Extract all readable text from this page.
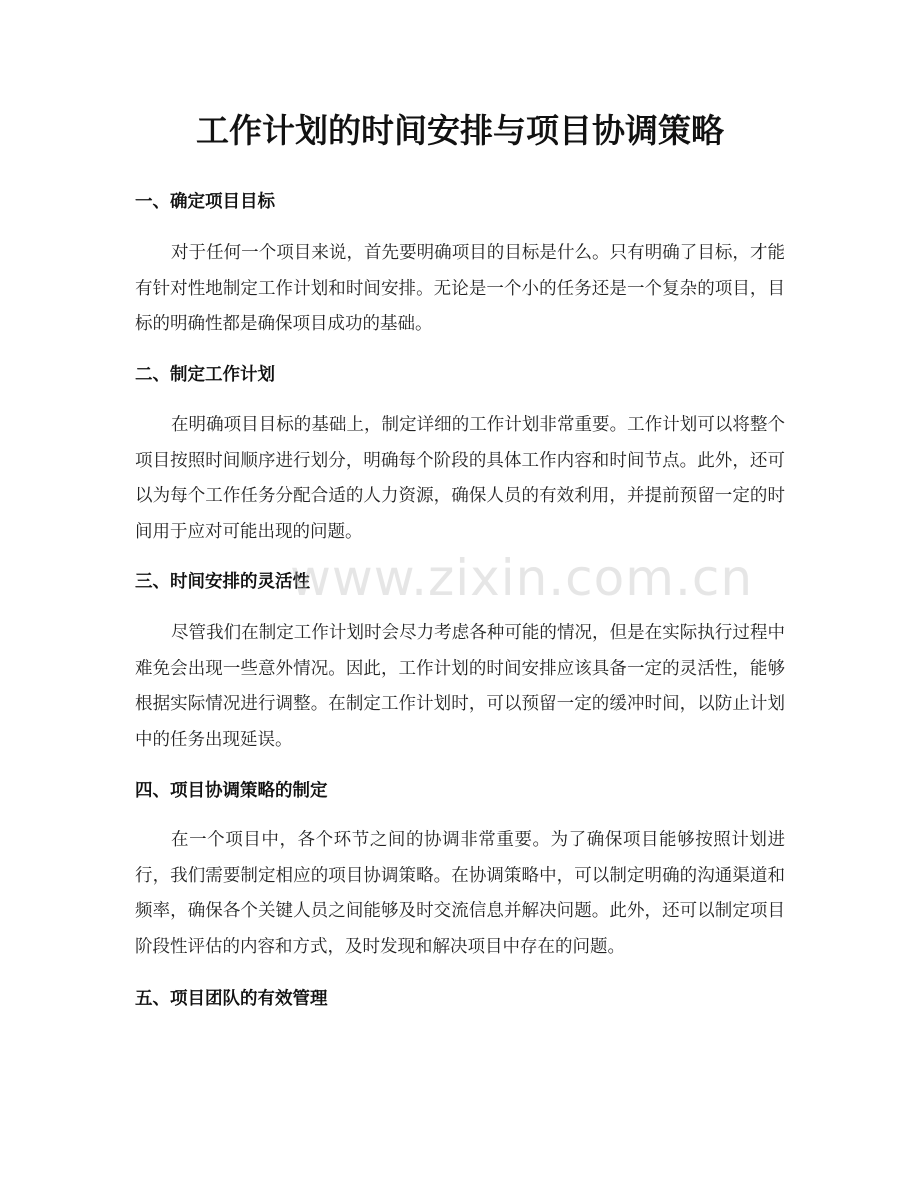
工作计划的时间安排与项目协调策略
一、确定项目目标

对于任何一个项目来说，首先要明确项目的目标是什么。只有明确了目标，才能有针对性地制定工作计划和时间安排。无论是一个小的任务还是一个复杂的项目，目标的明确性都是确保项目成功的基础。

二、制定工作计划

在明确项目目标的基础上，制定详细的工作计划非常重要。工作计划可以将整个项目按照时间顺序进行划分，明确每个阶段的具体工作内容和时间节点。此外，还可以为每个工作任务分配合适的人力资源，确保人员的有效利用，并提前预留一定的时间用于应对可能出现的问题。

三、时间安排的灵活性

尽管我们在制定工作计划时会尽力考虑各种可能的情况，但是在实际执行过程中难免会出现一些意外情况。因此，工作计划的时间安排应该具备一定的灵活性，能够根据实际情况进行调整。在制定工作计划时，可以预留一定的缓冲时间，以防止计划中的任务出现延误。

四、项目协调策略的制定

在一个项目中，各个环节之间的协调非常重要。为了确保项目能够按照计划进行，我们需要制定相应的项目协调策略。在协调策略中，可以制定明确的沟通渠道和频率，确保各个关键人员之间能够及时交流信息并解决问题。此外，还可以制定项目阶段性评估的内容和方式，及时发现和解决项目中存在的问题。

五、项目团队的有效管理
www.zixin.com.cn
